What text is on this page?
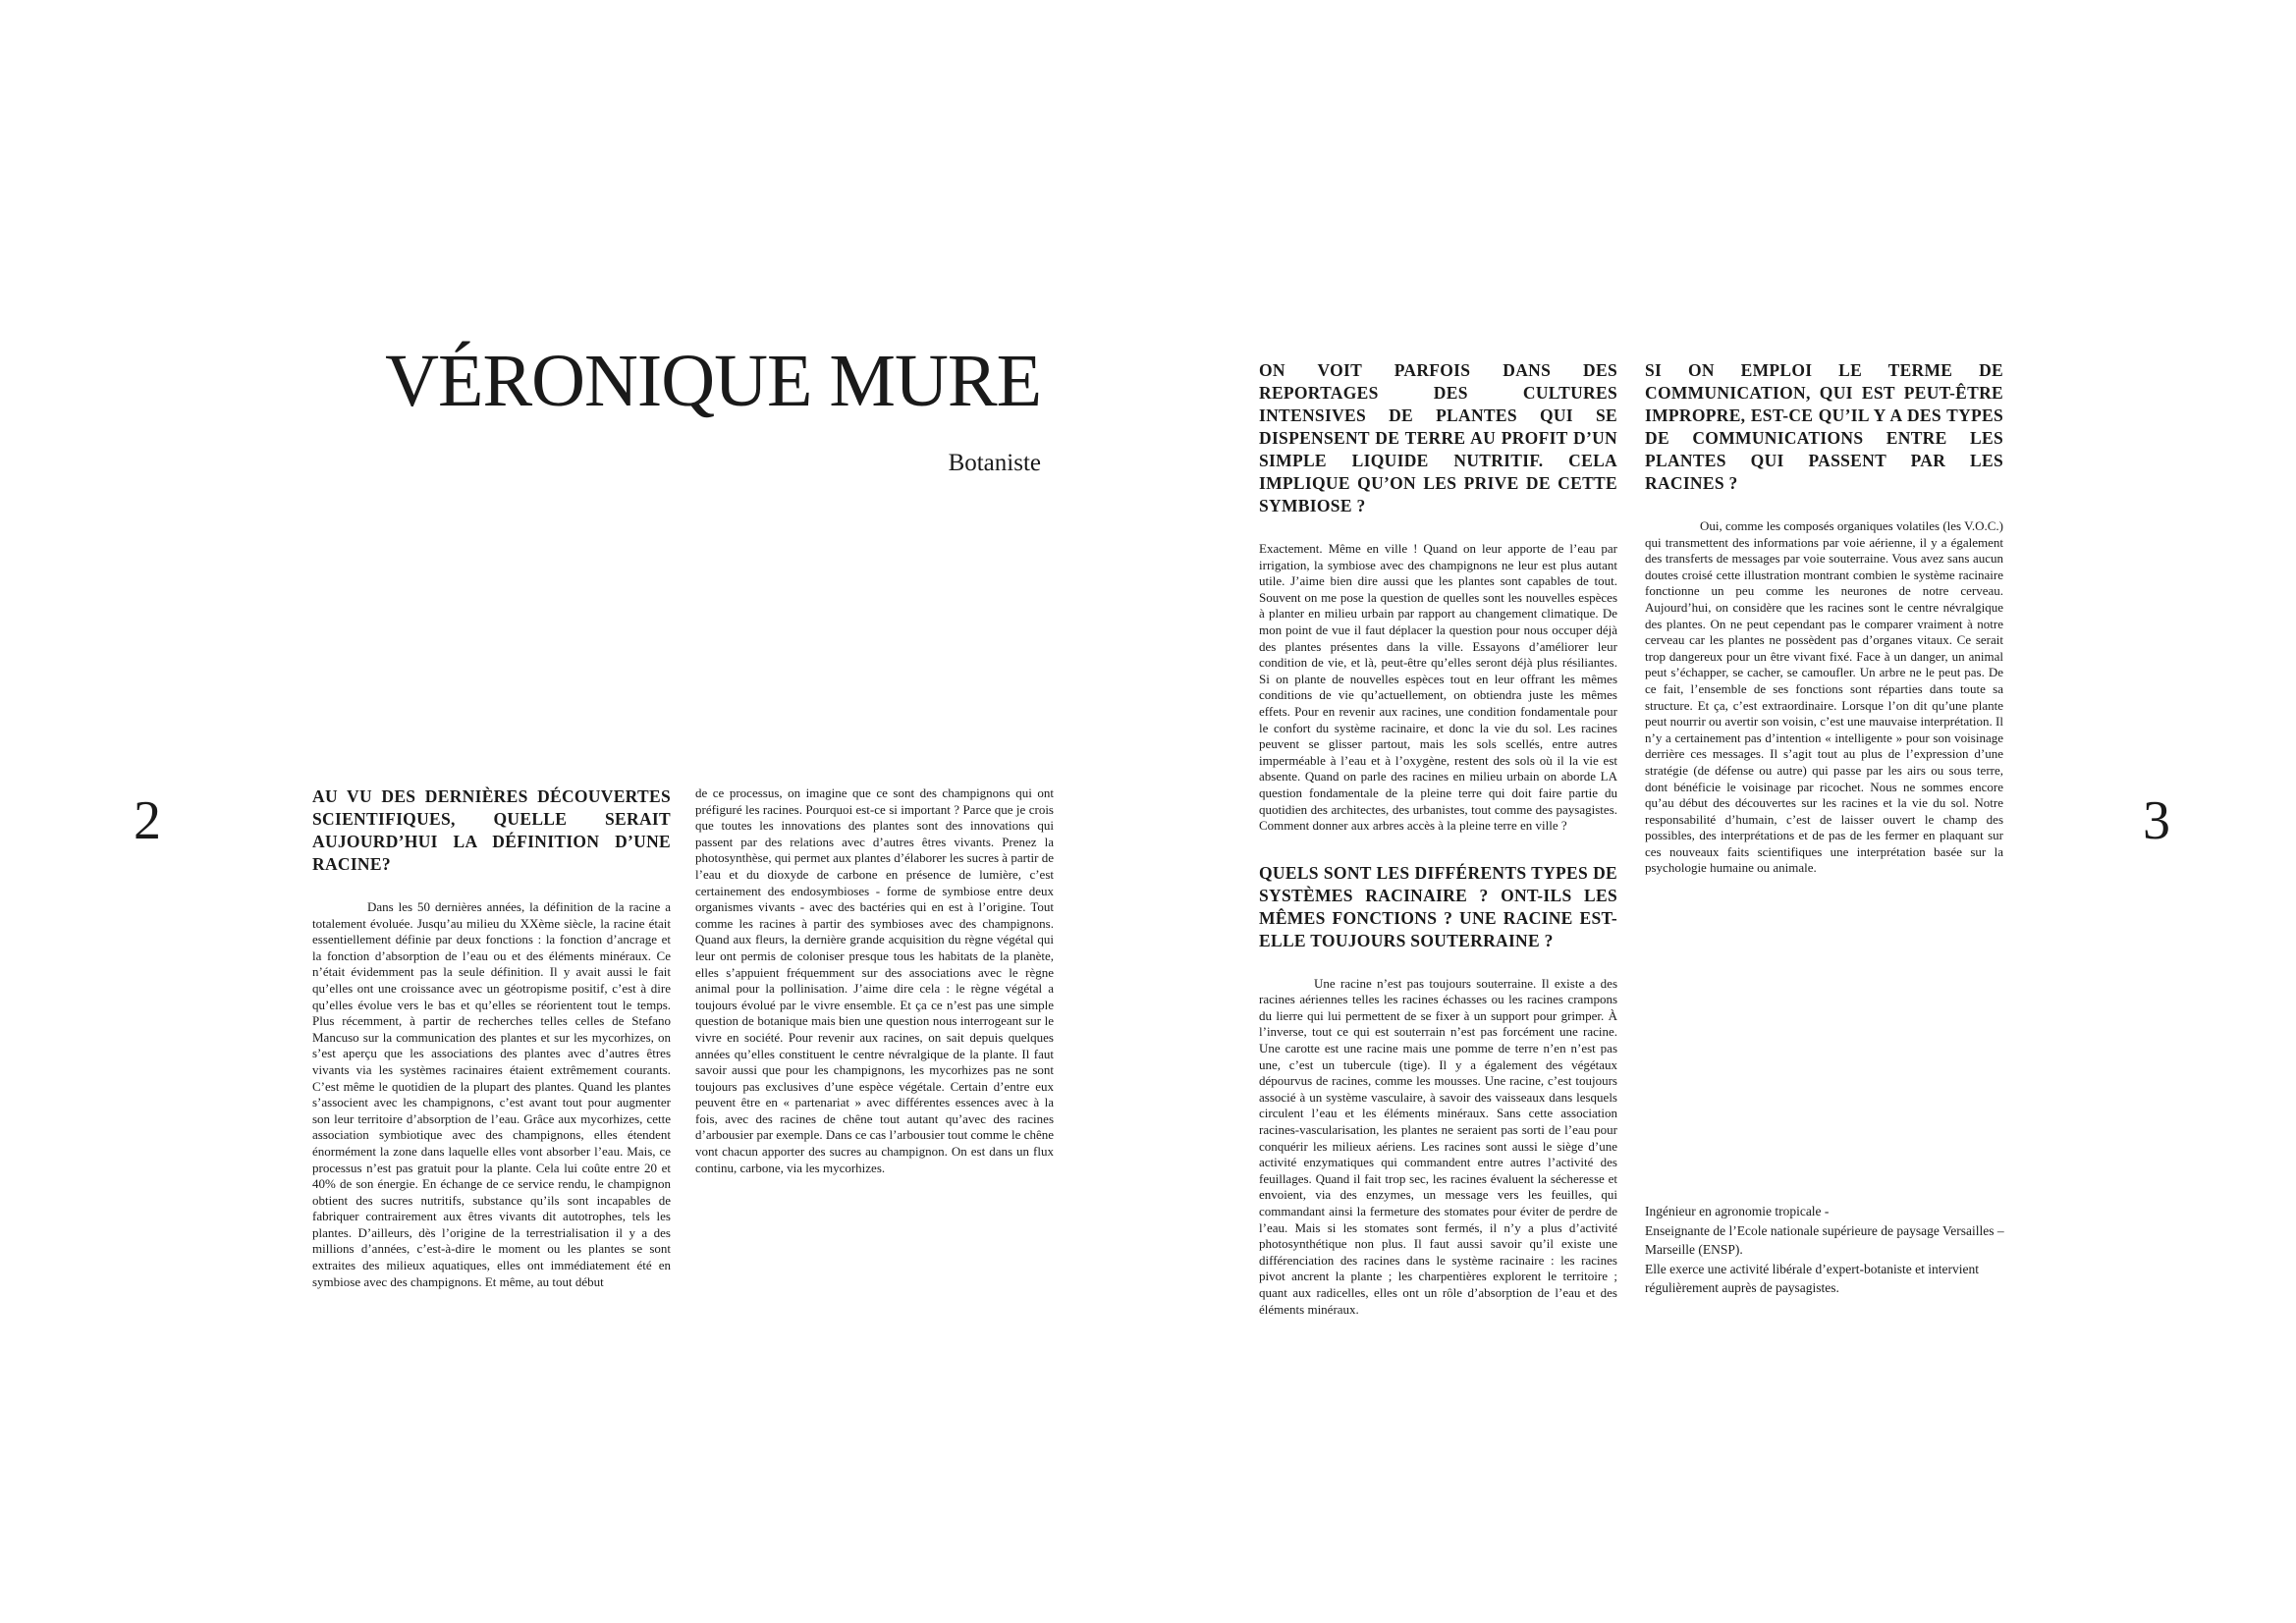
VÉRONIQUE MURE
Botaniste
2	3
AU VU DES DERNIÈRES DÉCOUVERTES SCIENTIFIQUES, QUELLE SERAIT AUJOURD’HUI LA DÉFINITION D’UNE RACINE?
Dans les 50 dernières années, la définition de la racine a totalement évoluée. Jusqu’au milieu du XXème siècle, la racine était essentiellement définie par deux fonctions : la fonction d’ancrage et la fonction d’absorption de l’eau ou et des éléments minéraux. Ce n’était évidemment pas la seule définition. Il y avait aussi le fait qu’elles ont une croissance avec un géotropisme positif, c’est à dire qu’elles évolue vers le bas et qu’elles se réorientent tout le temps. Plus récemment, à partir de recherches telles celles de Stefano Mancuso sur la communication des plantes et sur les mycorhizes, on s’est aperçu que les associations des plantes avec d’autres êtres vivants via les systèmes racinaires étaient extrêmement courants. C’est même le quotidien de la plupart des plantes. Quand les plantes s’associent avec les champignons, c’est avant tout pour augmenter son leur territoire d’absorption de l’eau. Grâce aux mycorhizes, cette association symbiotique avec des champignons, elles étendent énormément la zone dans laquelle elles vont absorber l’eau. Mais, ce processus n’est pas gratuit pour la plante. Cela lui coûte entre 20 et 40% de son énergie. En échange de ce service rendu, le champignon obtient des sucres nutritifs, substance qu’ils sont incapables de fabriquer contrairement aux êtres vivants dit autotrophes, tels les plantes. D’ailleurs, dès l’origine de la terrestrialisation il y a des millions d’années, c’est-à-dire le moment ou les plantes se sont extraites des milieux aquatiques, elles ont immédiatement été en symbiose avec des champignons. Et même, au tout début
de ce processus, on imagine que ce sont des champignons qui ont préfiguré les racines. Pourquoi est-ce si important ? Parce que je crois que toutes les innovations des plantes sont des innovations qui passent par des relations avec d’autres êtres vivants. Prenez la photosynthèse, qui permet aux plantes d’élaborer les sucres à partir de l’eau et du dioxyde de carbone en présence de lumière, c’est certainement des endosymbioses - forme de symbiose entre deux organismes vivants - avec des bactéries qui en est à l’origine. Tout comme les racines à partir des symbioses avec des champignons. Quand aux fleurs, la dernière grande acquisition du règne végétal qui leur ont permis de coloniser presque tous les habitats de la planète, elles s’appuient fréquemment sur des associations avec le règne animal pour la pollinisation. J’aime dire cela : le règne végétal a toujours évolué par le vivre ensemble. Et ça ce n’est pas une simple question de botanique mais bien une question nous interrogeant sur le vivre en société. Pour revenir aux racines, on sait depuis quelques années qu’elles constituent le centre névralgique de la plante. Il faut savoir aussi que pour les champignons, les mycorhizes pas ne sont toujours pas exclusives d’une espèce végétale. Certain d’entre eux peuvent être en « partenariat » avec différentes essences avec à la fois, avec des racines de chêne tout autant qu’avec des racines d’arbousier par exemple. Dans ce cas l’arbousier tout comme le chêne vont chacun apporter des sucres au champignon. On est dans un flux continu, carbone, via les mycorhizes.
ON VOIT PARFOIS DANS DES REPORTAGES DES CULTURES INTENSIVES DE PLANTES QUI SE DISPENSENT DE TERRE AU PROFIT D’UN SIMPLE LIQUIDE NUTRITIF. CELA IMPLIQUE QU’ON LES PRIVE DE CETTE SYMBIOSE ?
Exactement. Même en ville ! Quand on leur apporte de l’eau par irrigation, la symbiose avec des champignons ne leur est plus autant utile. J’aime bien dire aussi que les plantes sont capables de tout. Souvent on me pose la question de quelles sont les nouvelles espèces à planter en milieu urbain par rapport au changement climatique. De mon point de vue il faut déplacer la question pour nous occuper déjà des plantes présentes dans la ville. Essayons d’améliorer leur condition de vie, et là, peut-être qu’elles seront déjà plus résiliantes. Si on plante de nouvelles espèces tout en leur offrant les mêmes conditions de vie qu’actuellement, on obtiendra juste les mêmes effets. Pour en revenir aux racines, une condition fondamentale pour le confort du système racinaire, et donc la vie du sol. Les racines peuvent se glisser partout, mais les sols scellés, entre autres imperméable à l’eau et à l’oxygène, restent des sols où il la vie est absente. Quand on parle des racines en milieu urbain on aborde LA question fondamentale de la pleine terre qui doit faire partie du quotidien des architectes, des urbanistes, tout comme des paysagistes. Comment donner aux arbres accès à la pleine terre en ville ?
QUELS SONT LES DIFFÉRENTS TYPES DE SYSTÈMES RACINAIRE ? ONT-ILS LES MÊMES FONCTIONS ? UNE RACINE EST-ELLE TOUJOURS SOUTERRAINE ?
Une racine n’est pas toujours souterraine. Il existe a des racines aériennes telles les racines échasses ou les racines crampons du lierre qui lui permettent de se fixer à un support pour grimper. À l’inverse, tout ce qui est souterrain n’est pas forcément une racine. Une carotte est une racine mais une pomme de terre n’en n’est pas une, c’est un tubercule (tige). Il y a également des végétaux dépourvus de racines, comme les mousses. Une racine, c’est toujours associé à un système vasculaire, à savoir des vaisseaux dans lesquels circulent l’eau et les éléments minéraux. Sans cette association racines-vascularisation, les plantes ne seraient pas sorti de l’eau pour conquérir les milieux aériens. Les racines sont aussi le siège d’une activité enzymatiques qui commandent entre autres l’activité des feuillages. Quand il fait trop sec, les racines évaluent la sécheresse et envoient, via des enzymes, un message vers les feuilles, qui commandant ainsi la fermeture des stomates pour éviter de perdre de l’eau. Mais si les stomates sont fermés, il n’y a plus d’activité photosynthétique non plus. Il faut aussi savoir qu’il existe une différenciation des racines dans le système racinaire : les racines pivot ancrent la plante ; les charpentières explorent le territoire ; quant aux radicelles, elles ont un rôle d’absorption de l’eau et des éléments minéraux.
SI ON EMPLOI LE TERME DE COMMUNICATION, QUI EST PEUT-ÊTRE IMPROPRE, EST-CE QU’IL Y A DES TYPES DE COMMUNICATIONS ENTRE LES PLANTES QUI PASSENT PAR LES RACINES ?
Oui, comme les composés organiques volatiles (les V.O.C.) qui transmettent des informations par voie aérienne, il y a également des transferts de messages par voie souterraine. Vous avez sans aucun doutes croisé cette illustration montrant combien le système racinaire fonctionne un peu comme les neurones de notre cerveau. Aujourd’hui, on considère que les racines sont le centre névralgique des plantes. On ne peut cependant pas le comparer vraiment à notre cerveau car les plantes ne possèdent pas d’organes vitaux. Ce serait trop dangereux pour un être vivant fixé. Face à un danger, un animal peut s’échapper, se cacher, se camoufler. Un arbre ne le peut pas. De ce fait, l’ensemble de ses fonctions sont réparties dans toute sa structure. Et ça, c’est extraordinaire. Lorsque l’on dit qu’une plante peut nourrir ou avertir son voisin, c’est une mauvaise interprétation. Il n’y a certainement pas d’intention « intelligente » pour son voisinage derrière ces messages. Il s’agit tout au plus de l’expression d’une stratégie (de défense ou autre) qui passe par les airs ou sous terre, dont bénéficie le voisinage par ricochet. Nous ne sommes encore qu’au début des découvertes sur les racines et la vie du sol. Notre responsabilité d’humain, c’est de laisser ouvert le champ des possibles, des interprétations et de pas de les fermer en plaquant sur ces nouveaux faits scientifiques une interprétation basée sur la psychologie humaine ou animale.
Ingénieur en agronomie tropicale -
Enseignante de l’Ecole nationale supérieure de paysage Versailles – Marseille (ENSP).
Elle exerce une activité libérale d’expert-botaniste et intervient régulièrement auprès de paysagistes.
